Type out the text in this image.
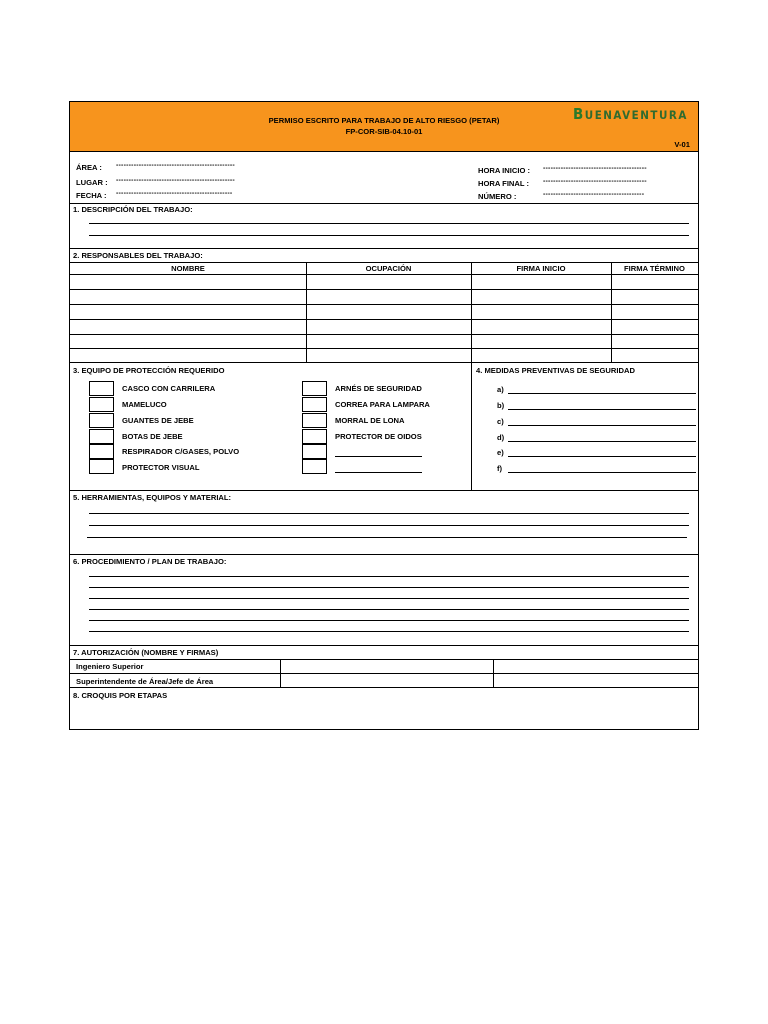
PERMISO ESCRITO PARA TRABAJO DE ALTO RIESGO (PETAR)
FP-COR-SIB-04.10-01
BUENAVENTURA
V-01
ÁREA : -----------------------------------------------
LUGAR : -----------------------------------------------
FECHA : ----------------------------------------------
HORA INICIO : -----------------------------------------
HORA FINAL : -----------------------------------------
NÚMERO :	----------------------------------------
1. DESCRIPCIÓN DEL TRABAJO:
2. RESPONSABLES DEL TRABAJO:
NOMBRE	OCUPACIÓN	FIRMA INICIO	FIRMA TÉRMINO
3. EQUIPO DE PROTECCIÓN REQUERIDO
CASCO CON CARRILERA
MAMELUCO
GUANTES DE JEBE
BOTAS DE JEBE
RESPIRADOR C/GASES, POLVO
PROTECTOR VISUAL
ARNÉS DE SEGURIDAD
CORREA PARA LAMPARA
MORRAL DE LONA
PROTECTOR DE OIDOS
4. MEDIDAS PREVENTIVAS DE SEGURIDAD
a)
b)
c)
d)
e)
f)
5. HERRAMIENTAS, EQUIPOS Y MATERIAL:
6. PROCEDIMIENTO / PLAN DE TRABAJO:
7. AUTORIZACIÓN (NOMBRE Y FIRMAS)
Ingeniero Superior
Superintendente de Área/Jefe de Área
8. CROQUIS POR ETAPAS
